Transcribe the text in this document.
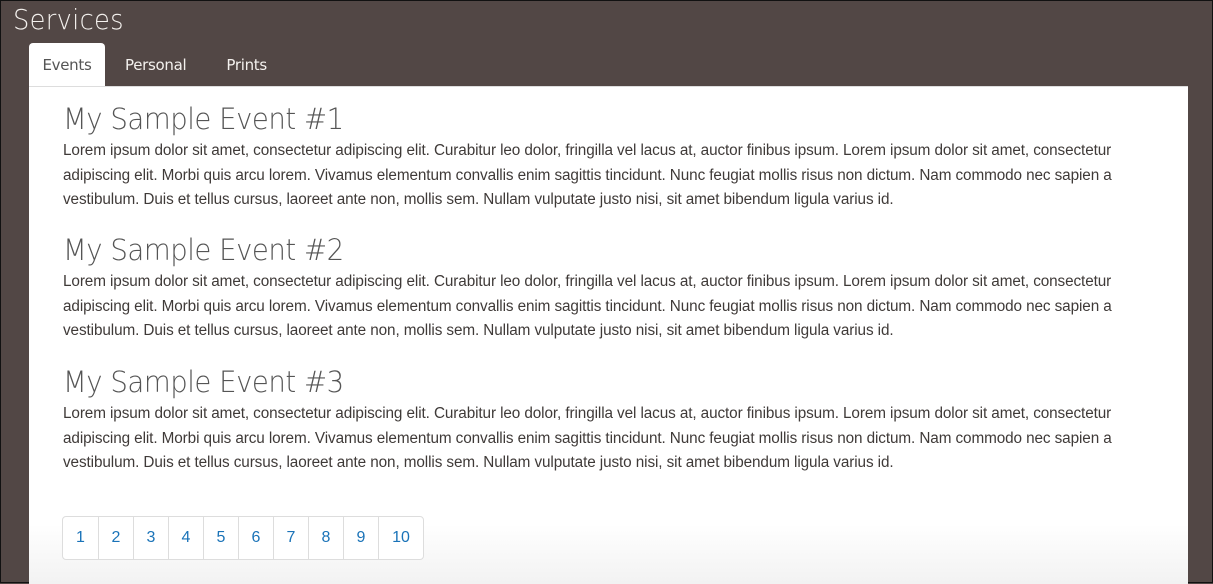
Services
Events	Personal	Prints
My Sample Event #1

Lorem ipsum dolor sit amet, consectetur adipiscing elit. Curabitur leo dolor, fringilla vel lacus at, auctor finibus ipsum. Lorem ipsum dolor sit amet, consectetur adipiscing elit. Morbi quis arcu lorem. Vivamus elementum convallis enim sagittis tincidunt. Nunc feugiat mollis risus non dictum. Nam commodo nec sapien a vestibulum. Duis et tellus cursus, laoreet ante non, mollis sem. Nullam vulputate justo nisi, sit amet bibendum ligula varius id.

My Sample Event #2

Lorem ipsum dolor sit amet, consectetur adipiscing elit. Curabitur leo dolor, fringilla vel lacus at, auctor finibus ipsum. Lorem ipsum dolor sit amet, consectetur adipiscing elit. Morbi quis arcu lorem. Vivamus elementum convallis enim sagittis tincidunt. Nunc feugiat mollis risus non dictum. Nam commodo nec sapien a vestibulum. Duis et tellus cursus, laoreet ante non, mollis sem. Nullam vulputate justo nisi, sit amet bibendum ligula varius id.

My Sample Event #3

Lorem ipsum dolor sit amet, consectetur adipiscing elit. Curabitur leo dolor, fringilla vel lacus at, auctor finibus ipsum. Lorem ipsum dolor sit amet, consectetur adipiscing elit. Morbi quis arcu lorem. Vivamus elementum convallis enim sagittis tincidunt. Nunc feugiat mollis risus non dictum. Nam commodo nec sapien a vestibulum. Duis et tellus cursus, laoreet ante non, mollis sem. Nullam vulputate justo nisi, sit amet bibendum ligula varius id.

1	2	3	4	5	6	7	8	9	10
